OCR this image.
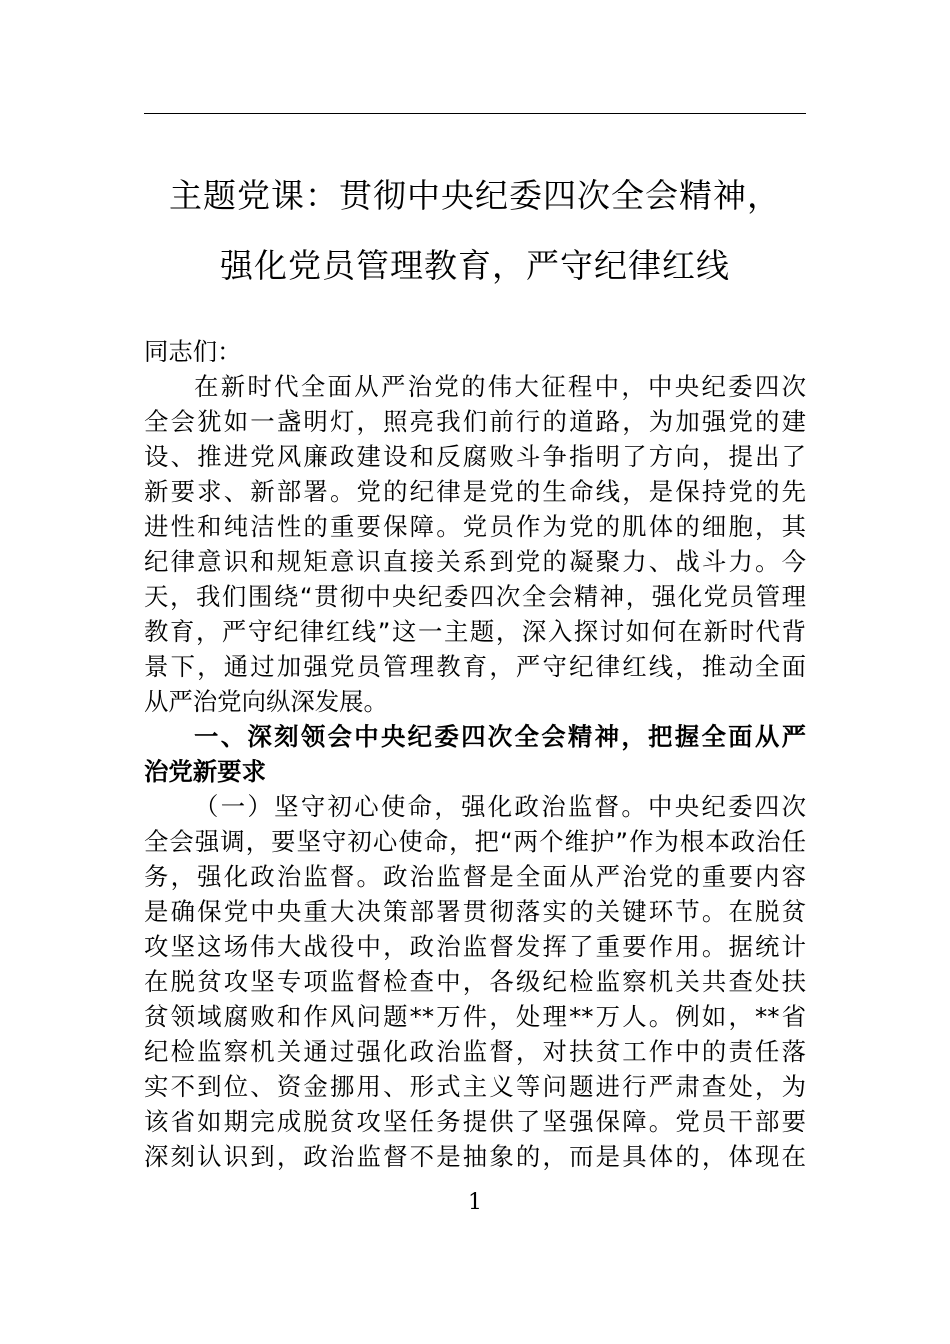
主题党课：贯彻中央纪委四次全会精神，
强化党员管理教育，严守纪律红线
同志们：
在新时代全面从严治党的伟大征程中，中央纪委四次
全会犹如一盏明灯，照亮我们前行的道路，为加强党的建
设、推进党风廉政建设和反腐败斗争指明了方向，提出了
新要求、新部署。党的纪律是党的生命线，是保持党的先
进性和纯洁性的重要保障。党员作为党的肌体的细胞，其
纪律意识和规矩意识直接关系到党的凝聚力、战斗力。今
天，我们围绕“贯彻中央纪委四次全会精神，强化党员管理
教育，严守纪律红线”这一主题，深入探讨如何在新时代背
景下，通过加强党员管理教育，严守纪律红线，推动全面
从严治党向纵深发展。
一、深刻领会中央纪委四次全会精神，把握全面从严
治党新要求
（一）坚守初心使命，强化政治监督。中央纪委四次
全会强调，要坚守初心使命，把“两个维护”作为根本政治任
务，强化政治监督。政治监督是全面从严治党的重要内容
是确保党中央重大决策部署贯彻落实的关键环节。在脱贫
攻坚这场伟大战役中，政治监督发挥了重要作用。据统计
在脱贫攻坚专项监督检查中，各级纪检监察机关共查处扶
贫领域腐败和作风问题**万件，处理**万人。例如，**省
纪检监察机关通过强化政治监督，对扶贫工作中的责任落
实不到位、资金挪用、形式主义等问题进行严肃查处，为
该省如期完成脱贫攻坚任务提供了坚强保障。党员干部要
深刻认识到，政治监督不是抽象的，而是具体的，体现在
1
